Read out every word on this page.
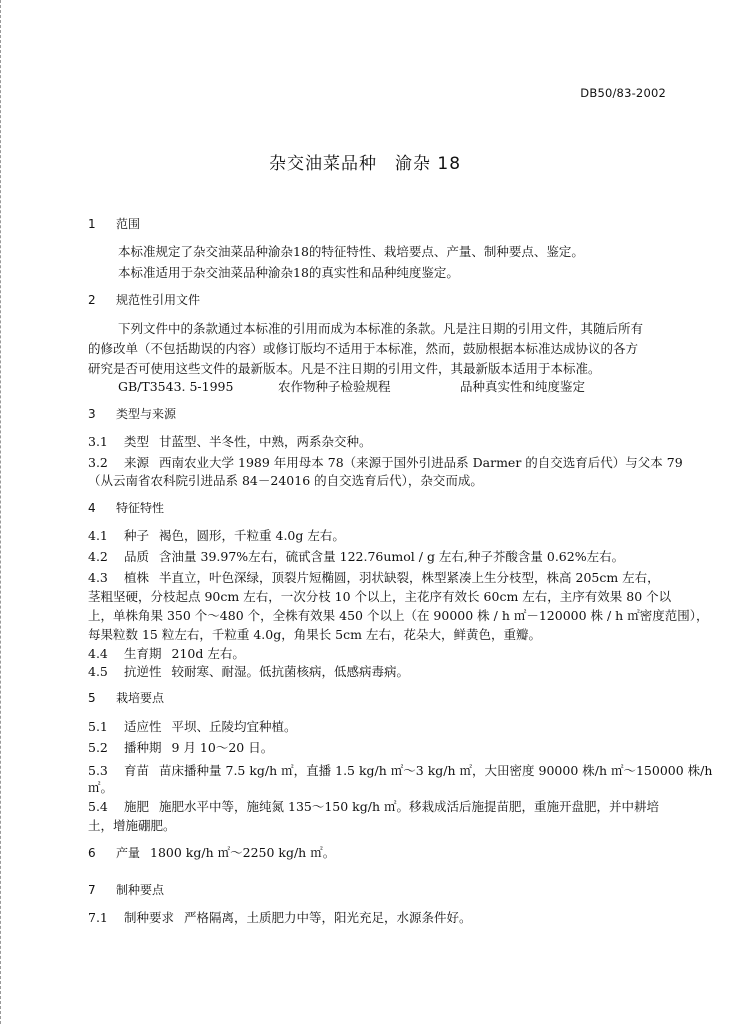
DB50/83-2002
杂交油菜品种　渝杂 18
1 范围
本标准规定了杂交油菜品种渝杂18的特征特性、栽培要点、产量、制种要点、鉴定。
本标准适用于杂交油菜品种渝杂18的真实性和品种纯度鉴定。
2 规范性引用文件
下列文件中的条款通过本标准的引用而成为本标准的条款。凡是注日期的引用文件，其随后所有
的修改单（不包括勘误的内容）或修订版均不适用于本标准，然而，鼓励根据本标准达成协议的各方
研究是否可使用这些文件的最新版本。凡是不注日期的引用文件，其最新版本适用于本标准。
GB/T3543. 5-1995	农作物种子检验规程	品种真实性和纯度鉴定
3 类型与来源
3.1 类型 甘蓝型、半冬性，中熟，两系杂交种。
3.2 来源 西南农业大学 1989 年用母本 78（来源于国外引进品系 Darmer 的自交选育后代）与父本 79
（从云南省农科院引进品系 84－24016 的自交选育后代），杂交而成。
4 特征特性
4.1 种子 褐色，圆形，千粒重 4.0g 左右。
4.2 品质 含油量 39.97%左右，硫甙含量 122.76umol / g 左右,种子芥酸含量 0.62%左右。
4.3 植株 半直立，叶色深绿，顶裂片短椭圆，羽状缺裂，株型紧凑上生分枝型，株高 205cm 左右，
茎粗坚硬，分枝起点 90cm 左右，一次分枝 10 个以上，主花序有效长 60cm 左右，主序有效果 80 个以
上，单株角果 350 个～480 个，全株有效果 450 个以上（在 90000 株 / h ㎡－120000 株 / h ㎡密度范围），
每果粒数 15 粒左右，千粒重 4.0g，角果长 5cm 左右，花朵大，鲜黄色，重瓣。
4.4 生育期 210d 左右。
4.5 抗逆性 较耐寒、耐湿。低抗菌核病，低感病毒病。
5 栽培要点
5.1 适应性 平坝、丘陵均宜种植。
5.2 播种期 9 月 10～20 日。
5.3 育苗 苗床播种量 7.5 kg/h ㎡，直播 1.5 kg/h ㎡～3 kg/h ㎡，大田密度 90000 株/h ㎡～150000 株/h
㎡。
5.4 施肥 施肥水平中等，施纯氮 135～150 kg/h ㎡。移栽成活后施提苗肥，重施开盘肥，并中耕培
土，增施硼肥。
6 产量 1800 kg/h ㎡～2250 kg/h ㎡。
7 制种要点
7.1 制种要求 严格隔离，土质肥力中等，阳光充足，水源条件好。
